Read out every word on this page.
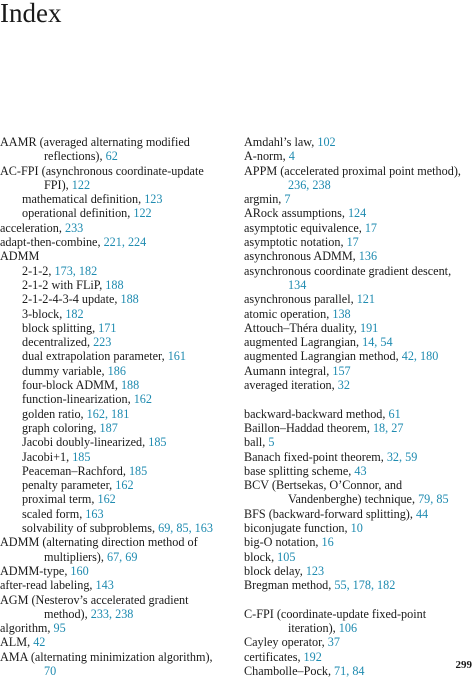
Index
AAMR (averaged alternating modified
reflections), 62
AC-FPI (asynchronous coordinate-update
FPI), 122
mathematical definition, 123
operational definition, 122
acceleration, 233
adapt-then-combine, 221, 224
ADMM
2-1-2, 173, 182
2-1-2 with FLiP, 188
2-1-2-4-3-4 update, 188
3-block, 182
block splitting, 171
decentralized, 223
dual extrapolation parameter, 161
dummy variable, 186
four-block ADMM, 188
function-linearization, 162
golden ratio, 162, 181
graph coloring, 187
Jacobi doubly-linearized, 185
Jacobi+1, 185
Peaceman–Rachford, 185
penalty parameter, 162
proximal term, 162
scaled form, 163
solvability of subproblems, 69, 85, 163
ADMM (alternating direction method of
multipliers), 67, 69
ADMM-type, 160
after-read labeling, 143
AGM (Nesterov’s accelerated gradient
method), 233, 238
algorithm, 95
ALM, 42
AMA (alternating minimization algorithm),
70
Amdahl’s law, 102
A-norm, 4
APPM (accelerated proximal point method),
236, 238
argmin, 7
ARock assumptions, 124
asymptotic equivalence, 17
asymptotic notation, 17
asynchronous ADMM, 136
asynchronous coordinate gradient descent,
134
asynchronous parallel, 121
atomic operation, 138
Attouch–Théra duality, 191
augmented Lagrangian, 14, 54
augmented Lagrangian method, 42, 180
Aumann integral, 157
averaged iteration, 32
backward-backward method, 61
Baillon–Haddad theorem, 18, 27
ball, 5
Banach fixed-point theorem, 32, 59
base splitting scheme, 43
BCV (Bertsekas, O’Connor, and
Vandenberghe) technique, 79, 85
BFS (backward-forward splitting), 44
biconjugate function, 10
big-O notation, 16
block, 105
block delay, 123
Bregman method, 55, 178, 182
C-FPI (coordinate-update fixed-point
iteration), 106
Cayley operator, 37
certificates, 192
Chambolle–Pock, 71, 84	299
